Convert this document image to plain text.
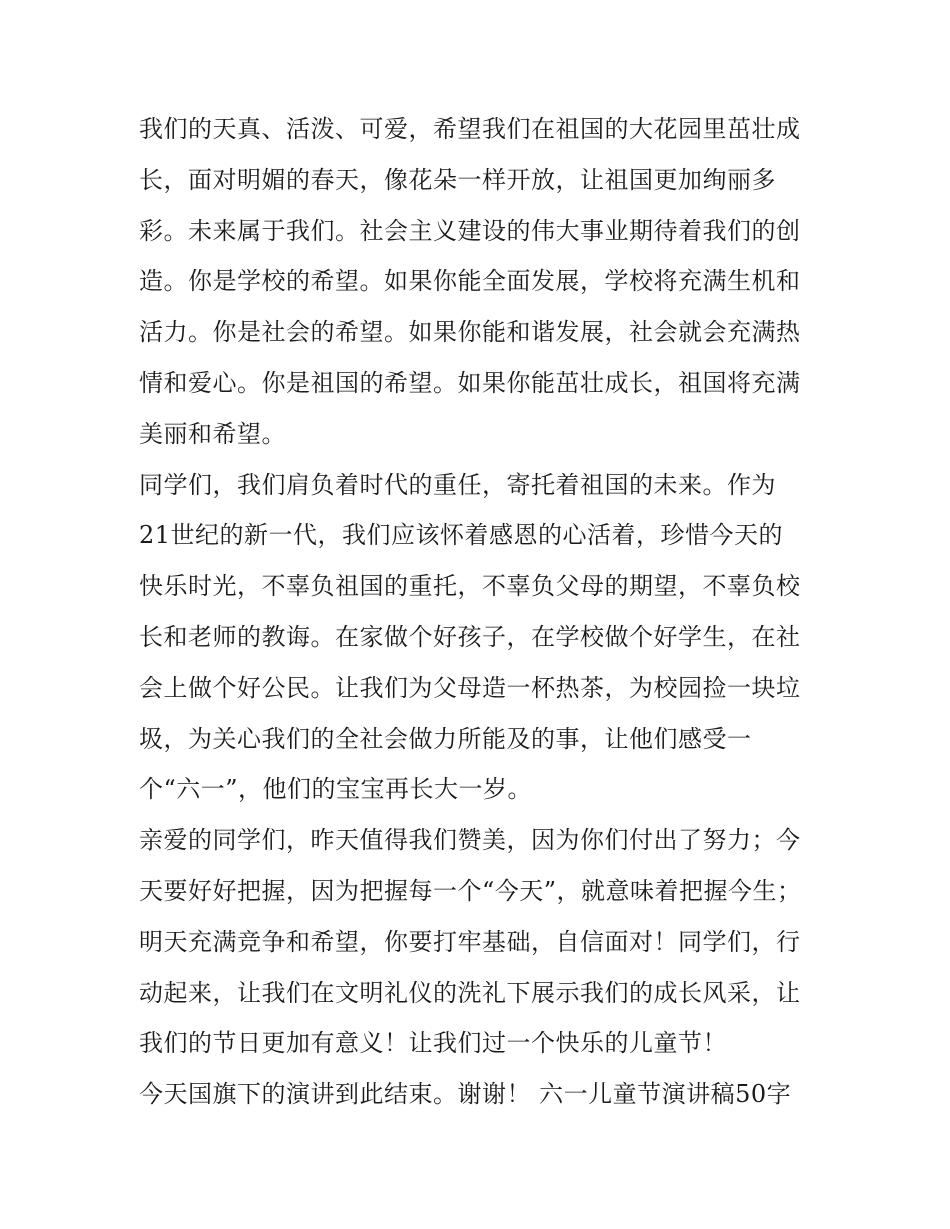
我们的天真、活泼、可爱，希望我们在祖国的大花园里茁壮成
长，面对明媚的春天，像花朵一样开放，让祖国更加绚丽多
彩。未来属于我们。社会主义建设的伟大事业期待着我们的创
造。你是学校的希望。如果你能全面发展，学校将充满生机和
活力。你是社会的希望。如果你能和谐发展，社会就会充满热
情和爱心。你是祖国的希望。如果你能茁壮成长，祖国将充满
美丽和希望。
同学们，我们肩负着时代的重任，寄托着祖国的未来。作为
21世纪的新一代，我们应该怀着感恩的心活着，珍惜今天的
快乐时光，不辜负祖国的重托，不辜负父母的期望，不辜负校
长和老师的教诲。在家做个好孩子，在学校做个好学生，在社
会上做个好公民。让我们为父母造一杯热茶，为校园捡一块垃
圾，为关心我们的全社会做力所能及的事，让他们感受一
个“六一”，他们的宝宝再长大一岁。
亲爱的同学们，昨天值得我们赞美，因为你们付出了努力；今
天要好好把握，因为把握每一个“今天”，就意味着把握今生；
明天充满竞争和希望，你要打牢基础，自信面对！同学们，行
动起来，让我们在文明礼仪的洗礼下展示我们的成长风采，让
我们的节日更加有意义！让我们过一个快乐的儿童节！
今天国旗下的演讲到此结束。谢谢！ 六一儿童节演讲稿50字
